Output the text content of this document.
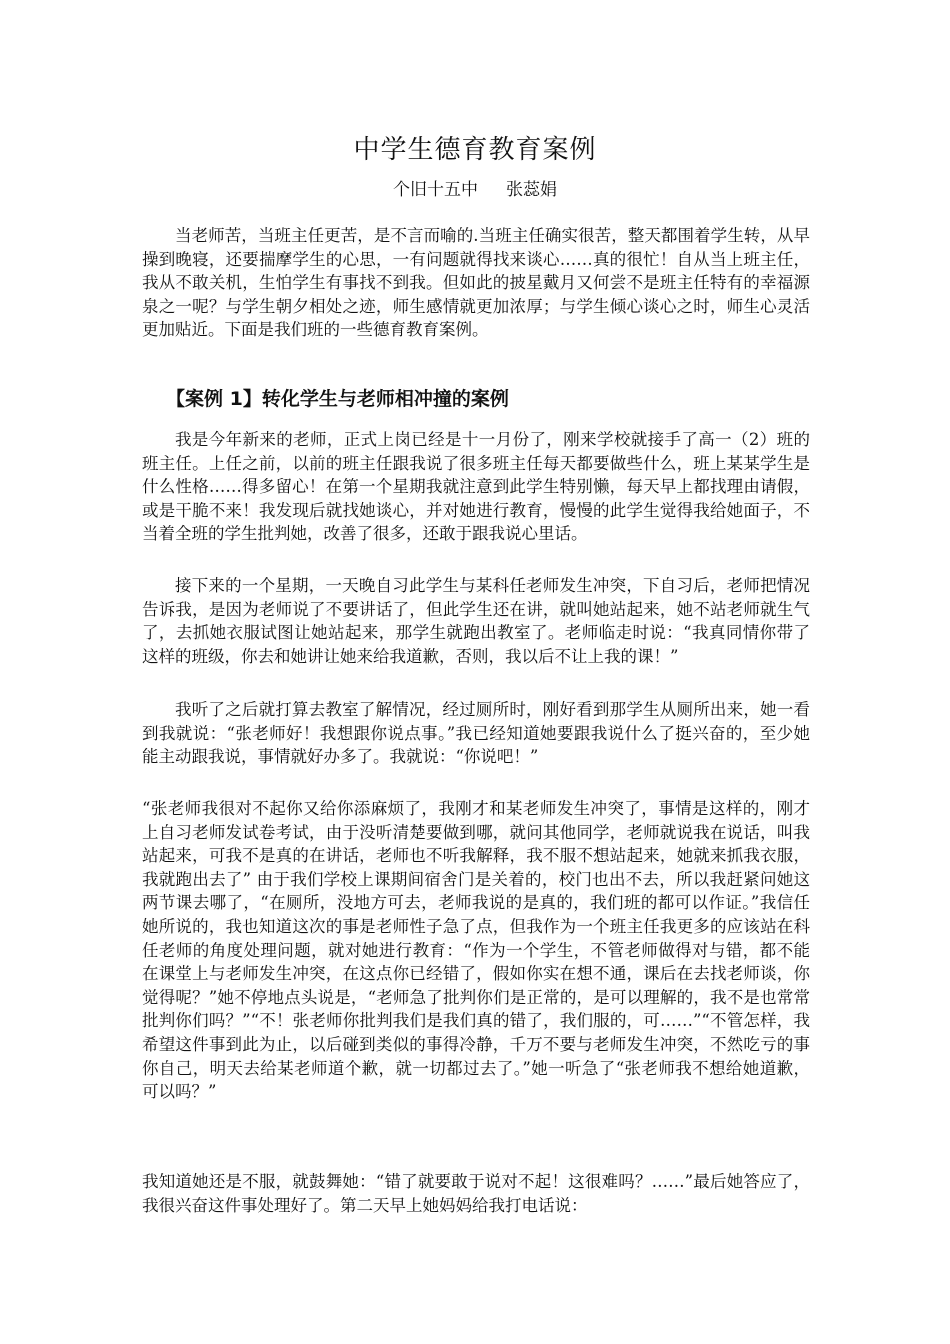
中学生德育教育案例

个旧十五中 张蕊娟

当老师苦，当班主任更苦，是不言而喻的.当班主任确实很苦，整天都围着学生转，从早操到晚寝，还要揣摩学生的心思，一有问题就得找来谈心……真的很忙！自从当上班主任，我从不敢关机，生怕学生有事找不到我。但如此的披星戴月又何尝不是班主任特有的幸福源泉之一呢？与学生朝夕相处之迹，师生感情就更加浓厚；与学生倾心谈心之时，师生心灵活更加贴近。下面是我们班的一些德育教育案例。

【案例 1】转化学生与老师相冲撞的案例

我是今年新来的老师，正式上岗已经是十一月份了，刚来学校就接手了高一（2）班的班主任。上任之前，以前的班主任跟我说了很多班主任每天都要做些什么，班上某某学生是什么性格……得多留心！在第一个星期我就注意到此学生特别懒，每天早上都找理由请假，或是干脆不来！我发现后就找她谈心，并对她进行教育，慢慢的此学生觉得我给她面子，不当着全班的学生批判她，改善了很多，还敢于跟我说心里话。

接下来的一个星期，一天晚自习此学生与某科任老师发生冲突，下自习后，老师把情况告诉我，是因为老师说了不要讲话了，但此学生还在讲，就叫她站起来，她不站老师就生气了，去抓她衣服试图让她站起来，那学生就跑出教室了。老师临走时说：“我真同情你带了这样的班级，你去和她讲让她来给我道歉，否则，我以后不让上我的课！”

我听了之后就打算去教室了解情况，经过厕所时，刚好看到那学生从厕所出来，她一看到我就说：“张老师好！我想跟你说点事。”我已经知道她要跟我说什么了挺兴奋的，至少她能主动跟我说，事情就好办多了。我就说：“你说吧！”

“张老师我很对不起你又给你添麻烦了，我刚才和某老师发生冲突了，事情是这样的，刚才上自习老师发试卷考试，由于没听清楚要做到哪，就问其他同学，老师就说我在说话，叫我站起来，可我不是真的在讲话，老师也不听我解释，我不服不想站起来，她就来抓我衣服，我就跑出去了” 由于我们学校上课期间宿舍门是关着的，校门也出不去，所以我赶紧问她这两节课去哪了，“在厕所，没地方可去，老师我说的是真的，我们班的都可以作证。”我信任她所说的，我也知道这次的事是老师性子急了点，但我作为一个班主任我更多的应该站在科任老师的角度处理问题，就对她进行教育：“作为一个学生，不管老师做得对与错，都不能在课堂上与老师发生冲突，在这点你已经错了，假如你实在想不通，课后在去找老师谈，你觉得呢？”她不停地点头说是，“老师急了批判你们是正常的，是可以理解的，我不是也常常批判你们吗？”“不！张老师你批判我们是我们真的错了，我们服的，可……”“不管怎样，我希望这件事到此为止，以后碰到类似的事得冷静，千万不要与老师发生冲突，不然吃亏的事你自己，明天去给某老师道个歉，就一切都过去了。”她一听急了“张老师我不想给她道歉，可以吗？”

我知道她还是不服，就鼓舞她：“错了就要敢于说对不起！这很难吗？……”最后她答应了，我很兴奋这件事处理好了。第二天早上她妈妈给我打电话说：
